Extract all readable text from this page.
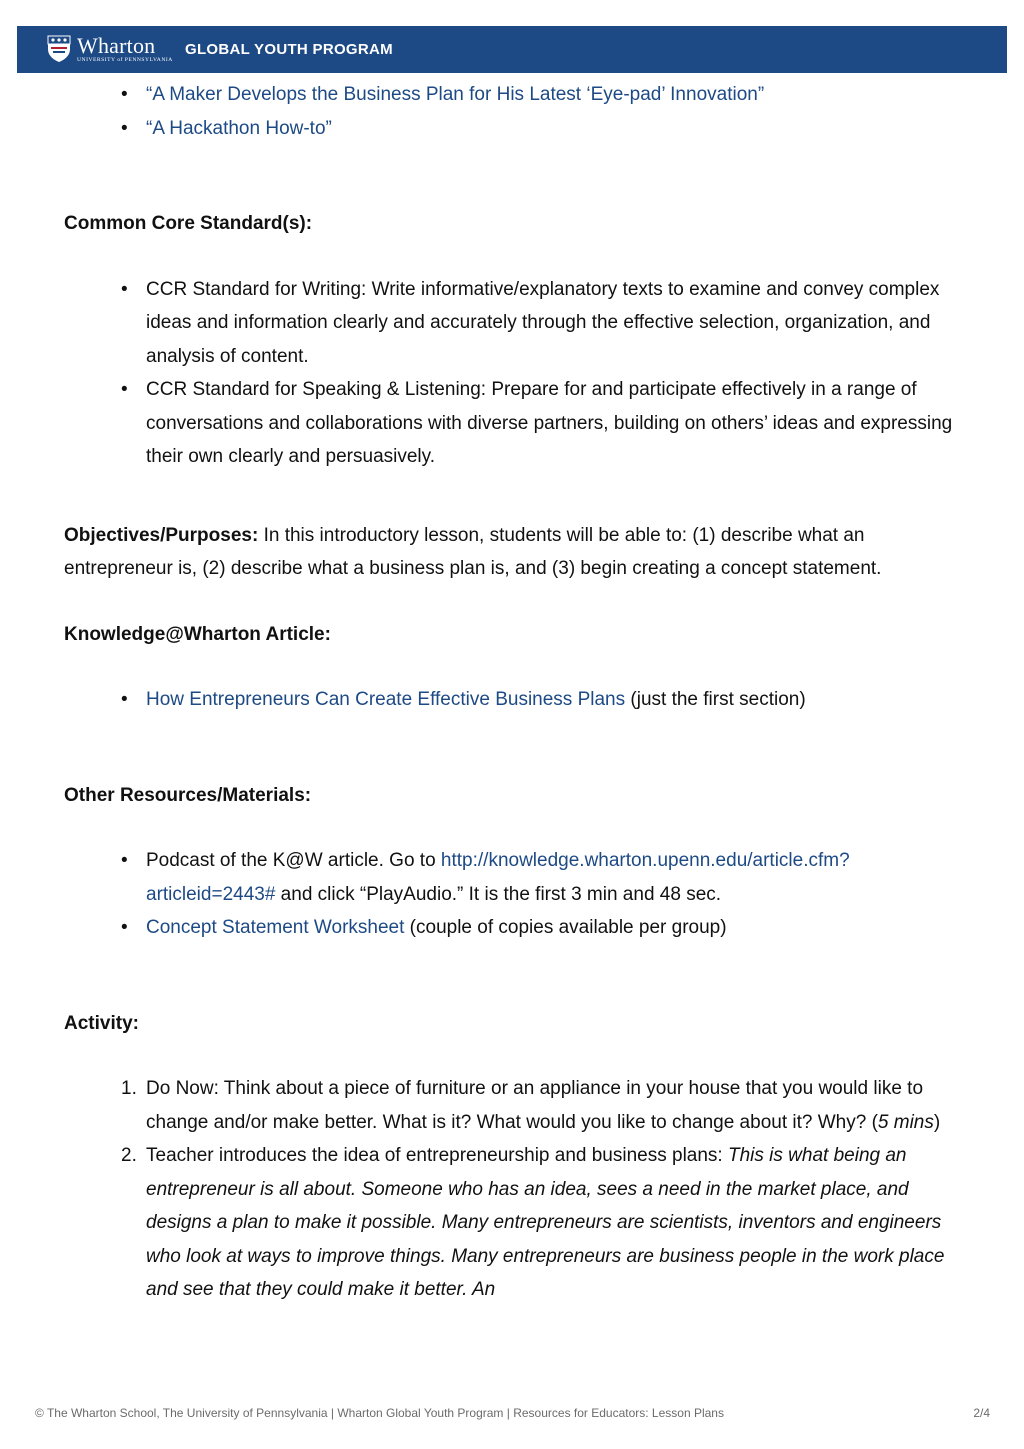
Wharton
UNIVERSITY of PENNSYLVANIA
GLOBAL YOUTH PROGRAM
• “A Maker Develops the Business Plan for His Latest ‘Eye-pad’ Innovation”
• “A Hackathon How-to”

Common Core Standard(s):

• CCR Standard for Writing: Write informative/explanatory texts to examine and convey complex ideas and information clearly and accurately through the effective selection, organization, and analysis of content.
• CCR Standard for Speaking & Listening: Prepare for and participate effectively in a range of conversations and collaborations with diverse partners, building on others’ ideas and expressing their own clearly and persuasively.

Objectives/Purposes: In this introductory lesson, students will be able to: (1) describe what an entrepreneur is, (2) describe what a business plan is, and (3) begin creating a concept statement.

Knowledge@Wharton Article:

• How Entrepreneurs Can Create Effective Business Plans (just the first section)

Other Resources/Materials:

• Podcast of the K@W article. Go to http://knowledge.wharton.upenn.edu/article.cfm?articleid=2443# and click “PlayAudio.” It is the first 3 min and 48 sec.
• Concept Statement Worksheet (couple of copies available per group)

Activity:

1. Do Now: Think about a piece of furniture or an appliance in your house that you would like to change and/or make better. What is it? What would you like to change about it? Why? (5 mins)
2. Teacher introduces the idea of entrepreneurship and business plans: This is what being an entrepreneur is all about. Someone who has an idea, sees a need in the market place, and designs a plan to make it possible. Many entrepreneurs are scientists, inventors and engineers who look at ways to improve things. Many entrepreneurs are business people in the work place and see that they could make it better. An
© The Wharton School, The University of Pennsylvania | Wharton Global Youth Program | Resources for Educators: Lesson Plans	2/4
